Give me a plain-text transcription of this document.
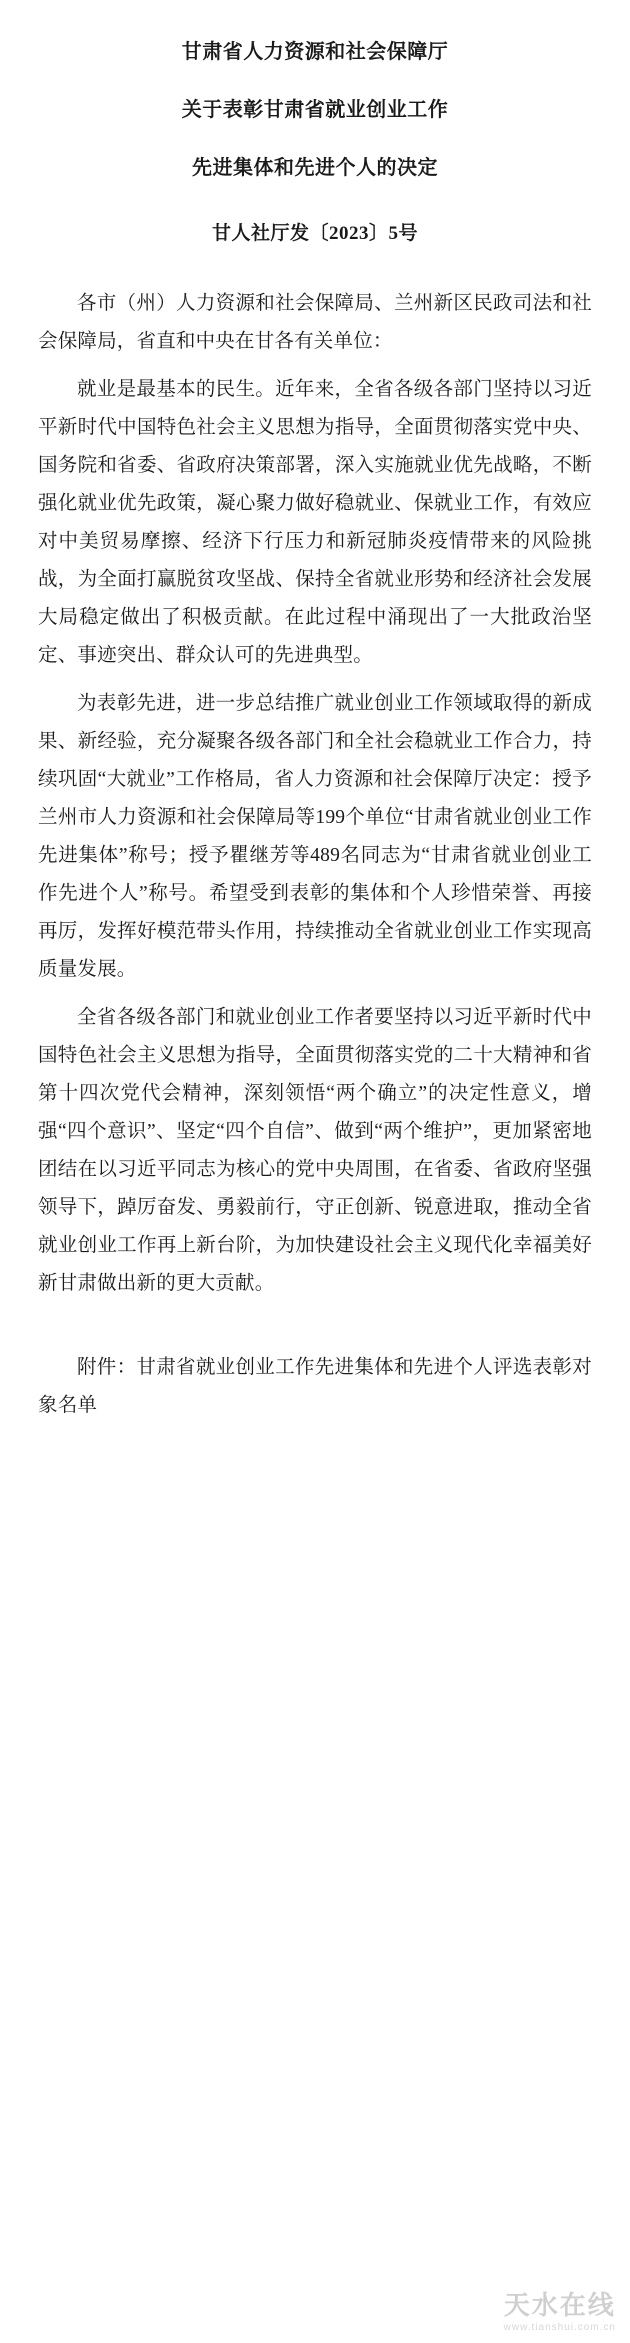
甘肃省人力资源和社会保障厅
关于表彰甘肃省就业创业工作
先进集体和先进个人的决定
甘人社厅发〔2023〕5号

各市（州）人力资源和社会保障局、兰州新区民政司法和社会保障局，省直和中央在甘各有关单位：

就业是最基本的民生。近年来，全省各级各部门坚持以习近平新时代中国特色社会主义思想为指导，全面贯彻落实党中央、国务院和省委、省政府决策部署，深入实施就业优先战略，不断强化就业优先政策，凝心聚力做好稳就业、保就业工作，有效应对中美贸易摩擦、经济下行压力和新冠肺炎疫情带来的风险挑战，为全面打赢脱贫攻坚战、保持全省就业形势和经济社会发展大局稳定做出了积极贡献。在此过程中涌现出了一大批政治坚定、事迹突出、群众认可的先进典型。

为表彰先进，进一步总结推广就业创业工作领域取得的新成果、新经验，充分凝聚各级各部门和全社会稳就业工作合力，持续巩固“大就业”工作格局，省人力资源和社会保障厅决定：授予兰州市人力资源和社会保障局等199个单位“甘肃省就业创业工作先进集体”称号；授予瞿继芳等489名同志为“甘肃省就业创业工作先进个人”称号。希望受到表彰的集体和个人珍惜荣誉、再接再厉，发挥好模范带头作用，持续推动全省就业创业工作实现高质量发展。

全省各级各部门和就业创业工作者要坚持以习近平新时代中国特色社会主义思想为指导，全面贯彻落实党的二十大精神和省第十四次党代会精神，深刻领悟“两个确立”的决定性意义，增强“四个意识”、坚定“四个自信”、做到“两个维护”，更加紧密地团结在以习近平同志为核心的党中央周围，在省委、省政府坚强领导下，踔厉奋发、勇毅前行，守正创新、锐意进取，推动全省就业创业工作再上新台阶，为加快建设社会主义现代化幸福美好新甘肃做出新的更大贡献。

附件：甘肃省就业创业工作先进集体和先进个人评选表彰对象名单

天水在线
www.tianshui.com.cn
